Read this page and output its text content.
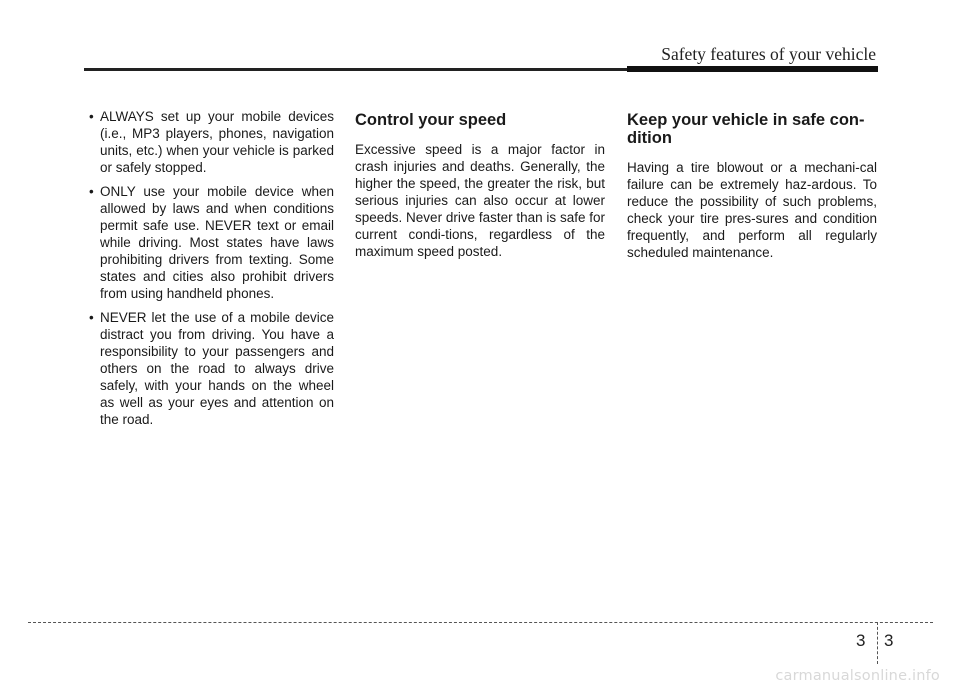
Safety features of your vehicle
• ALWAYS set up your mobile devices (i.e., MP3 players, phones, navigation units, etc.) when your vehicle is parked or safely stopped.
• ONLY use your mobile device when allowed by laws and when conditions permit safe use. NEVER text or email while driving. Most states have laws prohibiting drivers from texting. Some states and cities also prohibit drivers from using handheld phones.
• NEVER let the use of a mobile device distract you from driving. You have a responsibility to your passengers and others on the road to always drive safely, with your hands on the wheel as well as your eyes and attention on the road.
Control your speed

Excessive speed is a major factor in crash injuries and deaths. Generally, the higher the speed, the greater the risk, but serious injuries can also occur at lower speeds. Never drive faster than is safe for current condi-tions, regardless of the maximum speed posted.

Keep your vehicle in safe con-dition

Having a tire blowout or a mechani-cal failure can be extremely haz-ardous. To reduce the possibility of such problems, check your tire pres-sures and condition frequently, and perform all regularly scheduled maintenance.

3 3
carmanualsonline.info
